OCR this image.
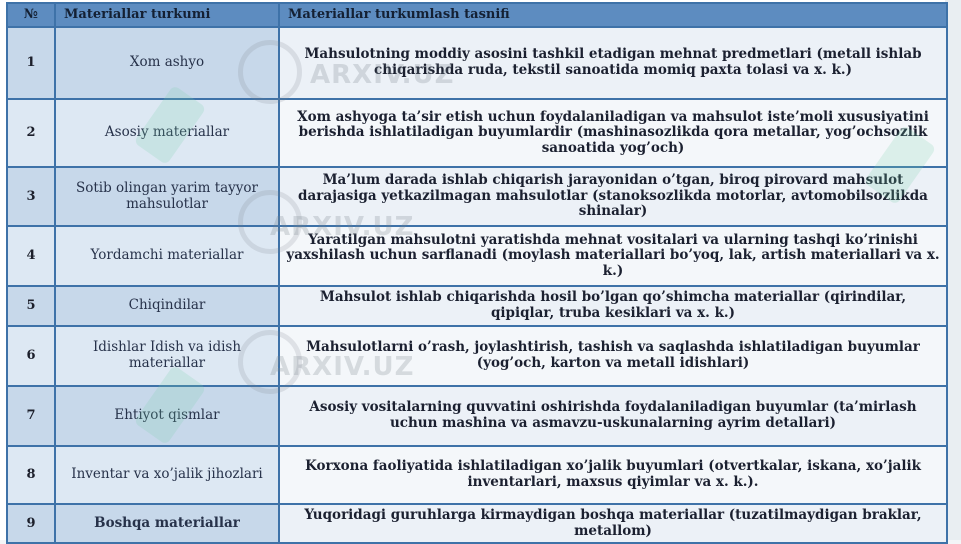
№	Materiallar turkumi	Materiallar turkumlash tasnifi
1	Xom ashyo	Mahsulotning moddiy asosini tashkil etadigan mehnat predmetlari (metall ishlab chiqarishda ruda, tekstil sanoatida momiq paxta tolasi va x. k.)
2	Asosiy materiallar	Xom ashyoga ta’sir etish uchun foydalaniladigan va mahsulot iste’moli xususiyatini berishda ishlatiladigan buyumlardir (mashinasozlikda qora metallar, yog’ochsozlik sanoatida yog’och)
3	Sotib olingan yarim tayyor mahsulotlar	Ma’lum darada ishlab chiqarish jarayonidan o’tgan, biroq pirovard mahsulot darajasiga yetkazilmagan mahsulotlar (stanoksozlikda motorlar, avtomobilsozlikda shinalar)
4	Yordamchi materiallar	Yaratilgan mahsulotni yaratishda mehnat vositalari va ularning tashqi ko’rinishi yaxshilash uchun sarflanadi (moylash materiallari bo’yoq, lak, artish materiallari va x. k.)
5	Chiqindilar	Mahsulot ishlab chiqarishda hosil bo’lgan qo’shimcha materiallar (qirindilar, qipiqlar, truba kesiklari va x. k.)
6	Idishlar Idish va idish materiallar	Mahsulotlarni o’rash, joylashtirish, tashish va saqlashda ishlatiladigan buyumlar (yog’och, karton va metall idishlari)
7	Ehtiyot qismlar	Asosiy vositalarning quvvatini oshirishda foydalaniladigan buyumlar (ta’mirlash uchun mashina va asmavzu-uskunalarning ayrim detallari)
8	Inventar va xo’jalik jihozlari	Korxona faoliyatida ishlatiladigan xo’jalik buyumlari (otvertkalar, iskana, xo’jalik inventarlari, maxsus qiyimlar va x. k.).
9	Boshqa materiallar	Yuqoridagi guruhlarga kirmaydigan boshqa materiallar (tuzatilmaydigan braklar, metallom)
ARXIV.UZ
ARXIV.UZ
ARXIV.UZ
